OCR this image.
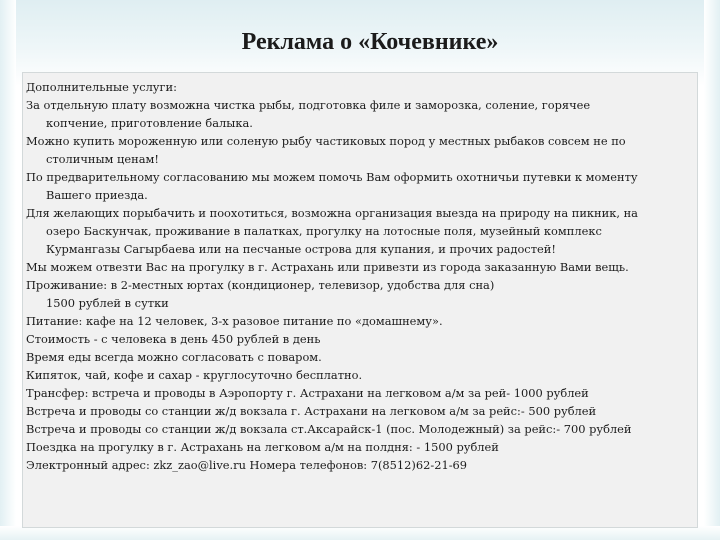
Реклама о «Кочевнике»

Дополнительные услуги:

За отдельную плату возможна чистка рыбы, подготовка филе и заморозка, соление, горячее

копчение, приготовление балыка.

Можно купить мороженную или соленую рыбу частиковых пород у местных рыбаков совсем не по

столичным ценам!

По предварительному согласованию мы можем помочь Вам оформить охотничьи путевки к моменту

Вашего приезда.

Для желающих порыбачить и поохотиться, возможна организация выезда на природу на пикник, на

озеро Баскунчак, проживание в палатках, прогулку на лотосные поля, музейный комплекс

Курмангазы Сагырбаева или на песчаные острова для купания, и прочих радостей!

Мы можем отвезти Вас на прогулку в г. Астрахань или привезти из города заказанную Вами вещь.

Проживание: в 2-местных юртах (кондиционер, телевизор, удобства для сна)

1500 рублей в сутки

Питание: кафе на 12 человек, 3-х разовое питание по «домашнему».

Стоимость - с человека в день 450 рублей в день

Время еды всегда можно согласовать с поваром.

Кипяток, чай, кофе и сахар - круглосуточно бесплатно.

Трансфер: встреча и проводы в Аэропорту г. Астрахани на легковом а/м за рей- 1000 рублей

Встреча и проводы со станции ж/д вокзала г. Астрахани на легковом а/м за рейс:- 500 рублей

Встреча и проводы со станции ж/д вокзала ст.Аксарайск-1 (пос. Молодежный) за рейс:- 700 рублей

Поездка на прогулку в г. Астрахань на легковом а/м на полдня: - 1500 рублей

Электронный адрес: zkz_zao@live.ru Номера телефонов: 7(8512)62-21-69
